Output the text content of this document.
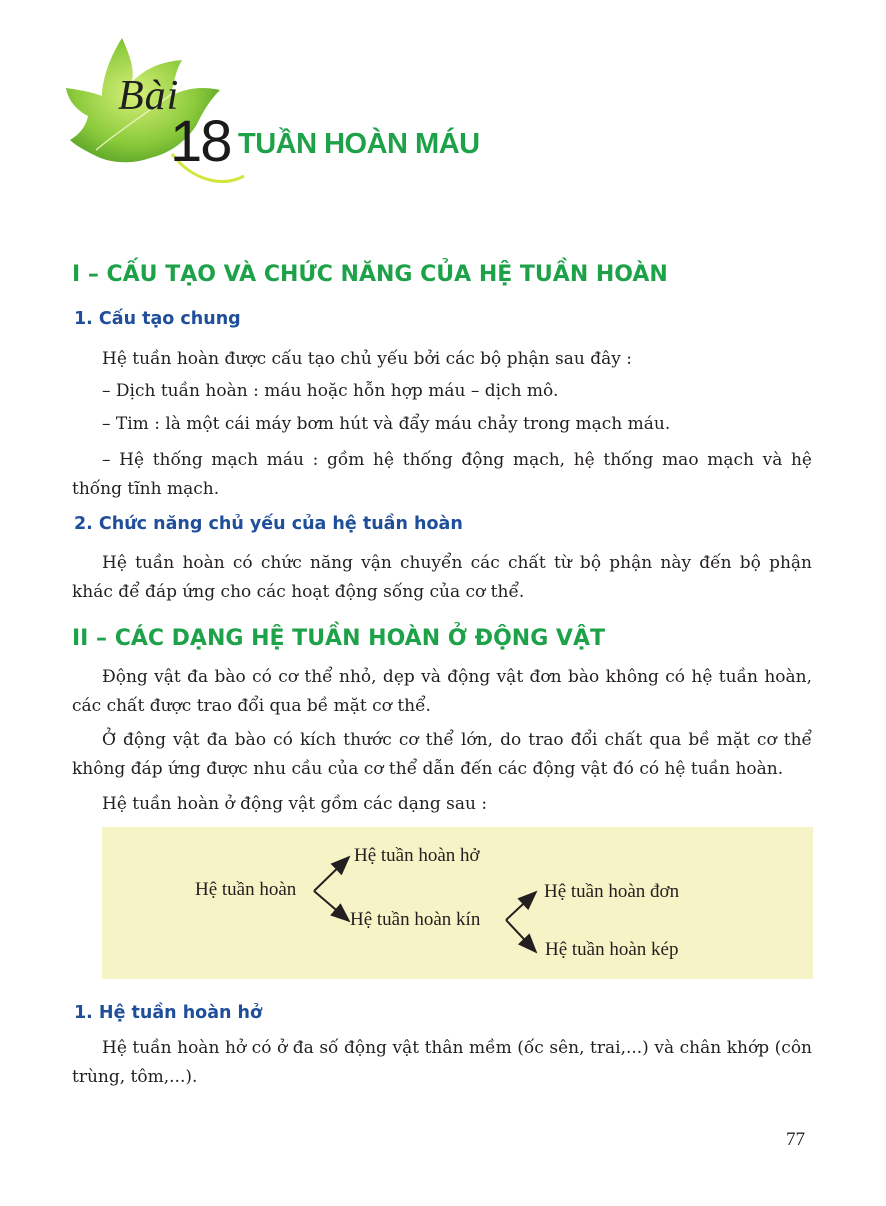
Bài
18 TUẦN HOÀN MÁU
I – CẤU TẠO VÀ CHỨC NĂNG CỦA HỆ TUẦN HOÀN
1. Cấu tạo chung
Hệ tuần hoàn được cấu tạo chủ yếu bởi các bộ phận sau đây :
– Dịch tuần hoàn : máu hoặc hỗn hợp máu – dịch mô.
– Tim : là một cái máy bơm hút và đẩy máu chảy trong mạch máu.
– Hệ thống mạch máu : gồm hệ thống động mạch, hệ thống mao mạch và hệ thống tĩnh mạch.
2. Chức năng chủ yếu của hệ tuần hoàn
Hệ tuần hoàn có chức năng vận chuyển các chất từ bộ phận này đến bộ phận khác để đáp ứng cho các hoạt động sống của cơ thể.
II – CÁC DẠNG HỆ TUẦN HOÀN Ở ĐỘNG VẬT
Động vật đa bào có cơ thể nhỏ, dẹp và động vật đơn bào không có hệ tuần hoàn, các chất được trao đổi qua bề mặt cơ thể.
Ở động vật đa bào có kích thước cơ thể lớn, do trao đổi chất qua bề mặt cơ thể không đáp ứng được nhu cầu của cơ thể dẫn đến các động vật đó có hệ tuần hoàn.
Hệ tuần hoàn ở động vật gồm các dạng sau :
Hệ tuần hoàn
Hệ tuần hoàn hở
Hệ tuần hoàn kín
Hệ tuần hoàn đơn
Hệ tuần hoàn kép
1. Hệ tuần hoàn hở
Hệ tuần hoàn hở có ở đa số động vật thân mềm (ốc sên, trai,...) và chân khớp (côn trùng, tôm,...).
77
